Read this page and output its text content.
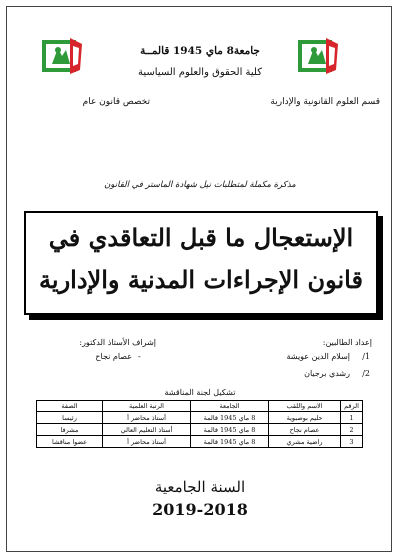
جامعة8 ماي 1945 قالمــة
كلية الحقوق والعلوم السياسية
قسم العلوم القانونية والإدارية
تخصص قانون عام
مذكرة مكملة لمتطلبات نيل شهادة الماستر في القانون
الإستعجال ما قبل التعاقدي في
قانون الإجراءات المدنية والإدارية
إعداد الطالبين:
إشراف الأستاذ الدكتور:
1/
إسلام الدين عويشة
2/
رشدي برجيان
-
عصام نجاح
تشكيل لجنة المناقشة
الرقم	الاسم واللقب	الجامعة	الرتبة العلمية	الصفة
1	حليم بوصبوية	8 ماي 1945 قالمة	أستاذ محاضر أ	رئيسا
2	عصام نجاح	8 ماي 1945 قالمة	أستاذ التعليم العالي	مشرفا
3	راضية مشري	8 ماي 1945 قالمة	أستاذ محاضر أ	عضوا مناقشا
السنة الجامعية
2019-2018
